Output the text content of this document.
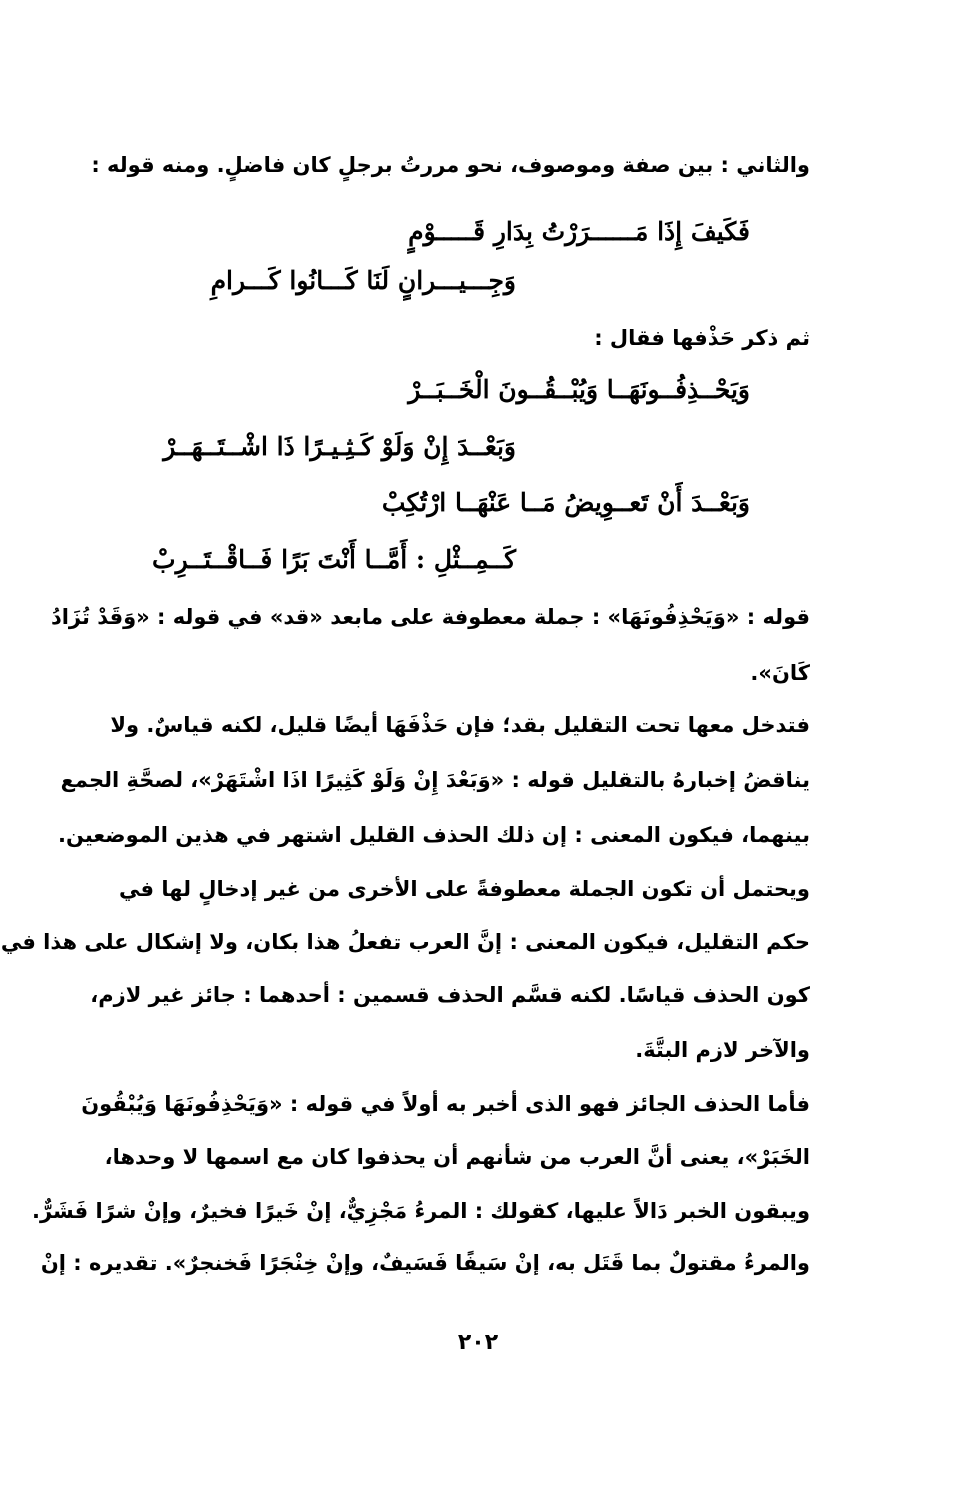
والثاني : بين صفة وموصوف، نحو مررتُ برجلٍ كان فاضلٍ. ومنه قوله :
فَكَيفَ إِذَا مَــــــرَرْتُ بِدَارِ قَـــــوْمٍ
وَجِـــيـــرانٍ لَنَا كَـــانُوا كَـــرامِ
ثم ذكر حَذْفها فقال :
وَيَحْــذِفُــونَهَــا وَيُبْــقُــونَ الْخَــبَــرْ
وَبَعْــدَ إِنْ وَلَوْ كَـثِـيـرًا ذَا اشْــتَــهَــرْ
وَبَعْــدَ أَنْ تَعــوِيضُ مَــا عَنْهَــا ارْتُكِبْ
كَــمِــثْلِ : أَمَّــا أَنْتَ بَرًا فَــاقْــتَــرِبْ
قوله : «وَيَحْذِفُونَهَا» : جملة معطوفة على مابعد «قد» في قوله : «وَقَدْ تُزَادُ
كَانَ».
فتدخل معها تحت التقليل بقد؛ فإن حَذْفَهَا أيضًا قليل، لكنه قياسٌ. ولا
يناقضُ إخبارهُ بالتقليل قوله : «وَبَعْدَ إِنْ وَلَوْ كَثِيرًا اذَا اشْتَهَرْ»، لصحَّةِ الجمع
بينهما، فيكون المعنى : إن ذلك الحذف القليل اشتهر في هذين الموضعين.
ويحتمل أن تكون الجملة معطوفةً على الأخرى من غير إدخالٍ لها في
حكم التقليل، فيكون المعنى : إنَّ العرب تفعلُ هذا بكان، ولا إشكال على هذا في
كون الحذف قياسًا. لكنه قسَّم الحذف قسمين : أحدهما : جائز غير لازم،
والآخر لازم البتَّةَ.
فأما الحذف الجائز فهو الذى أخبر به أولاً في قوله : «وَيَحْذِفُونَهَا وَيُبْقُونَ
الخَبَرْ»، يعنى أنَّ العرب من شأنهم أن يحذفوا كان مع اسمها لا وحدها،
ويبقون الخبر دَالاً عليها، كقولك : المرءُ مَجْزِيٌّ، إنْ خَيرًا فخيرٌ، وإنْ شرًا فَشَرٌّ.
والمرءُ مقتولٌ بما قَتَل به، إنْ سَيفًا فَسَيفٌ، وإنْ خِنْجَرًا فَخنجرٌ». تقديره : إنْ
٢٠٢
